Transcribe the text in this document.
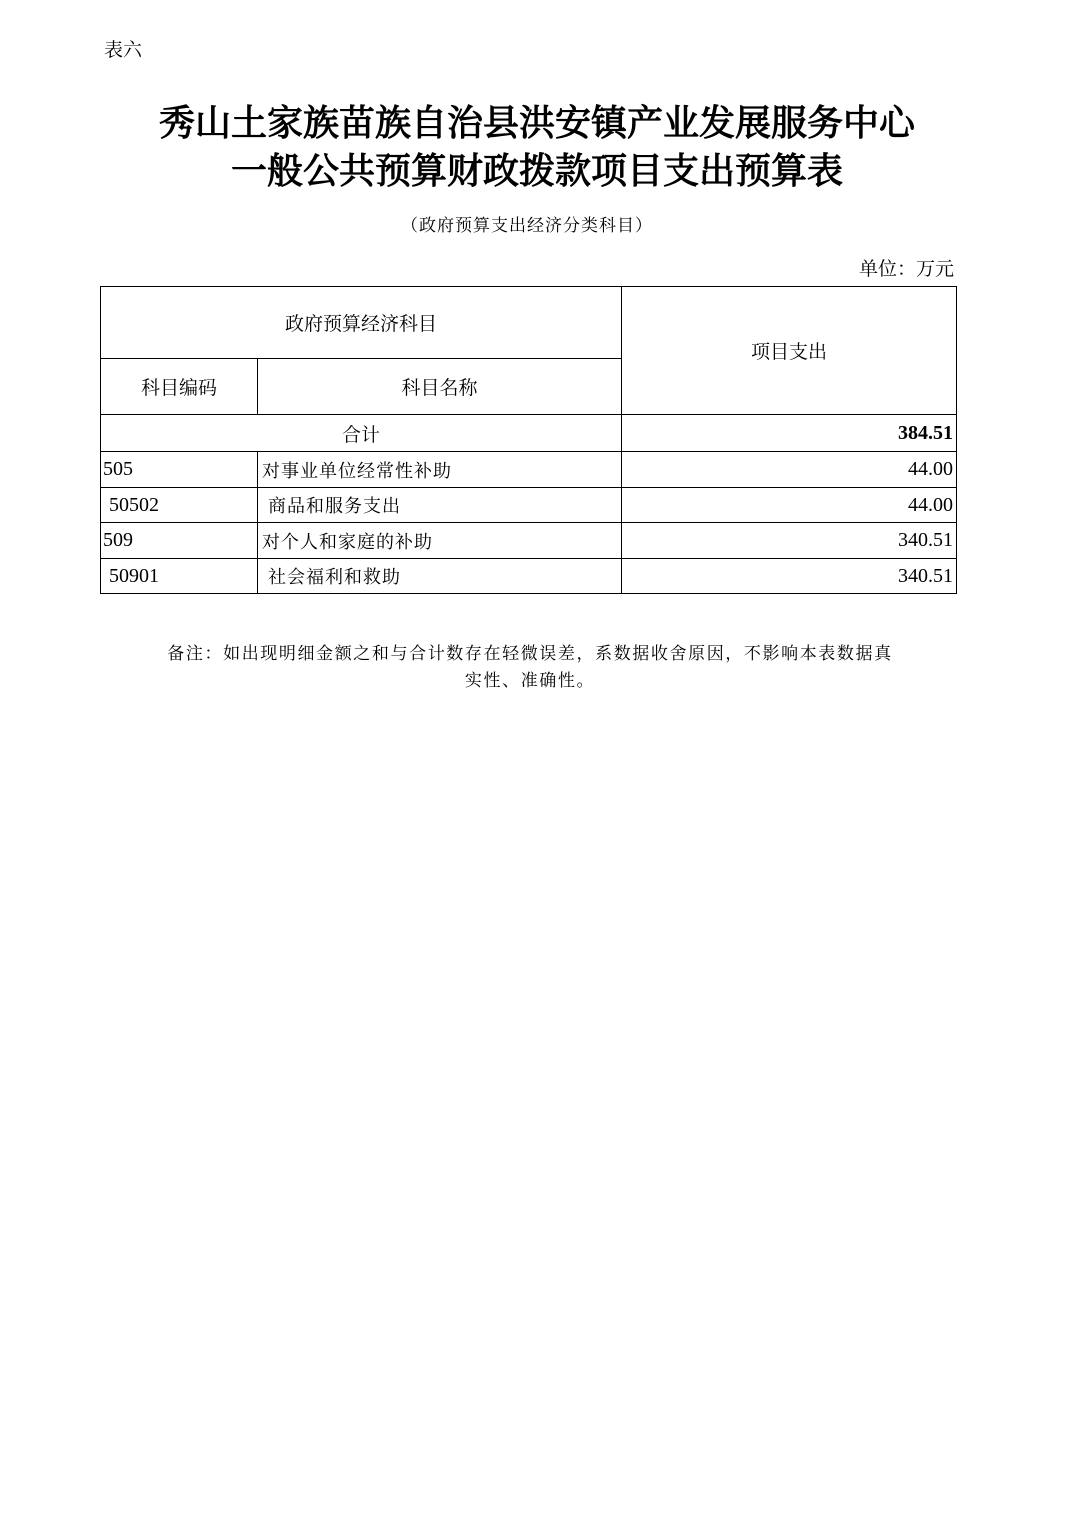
表六
秀山土家族苗族自治县洪安镇产业发展服务中心
一般公共预算财政拨款项目支出预算表
（政府预算支出经济分类科目）
单位：万元
政府预算经济科目		项目支出
科目编码	科目名称	
合计		384.51
505	对事业单位经常性补助	44.00
50502	商品和服务支出	44.00
509	对个人和家庭的补助	340.51
50901	社会福利和救助	340.51
备注：如出现明细金额之和与合计数存在轻微误差，系数据收舍原因，不影响本表数据真
实性、准确性。
